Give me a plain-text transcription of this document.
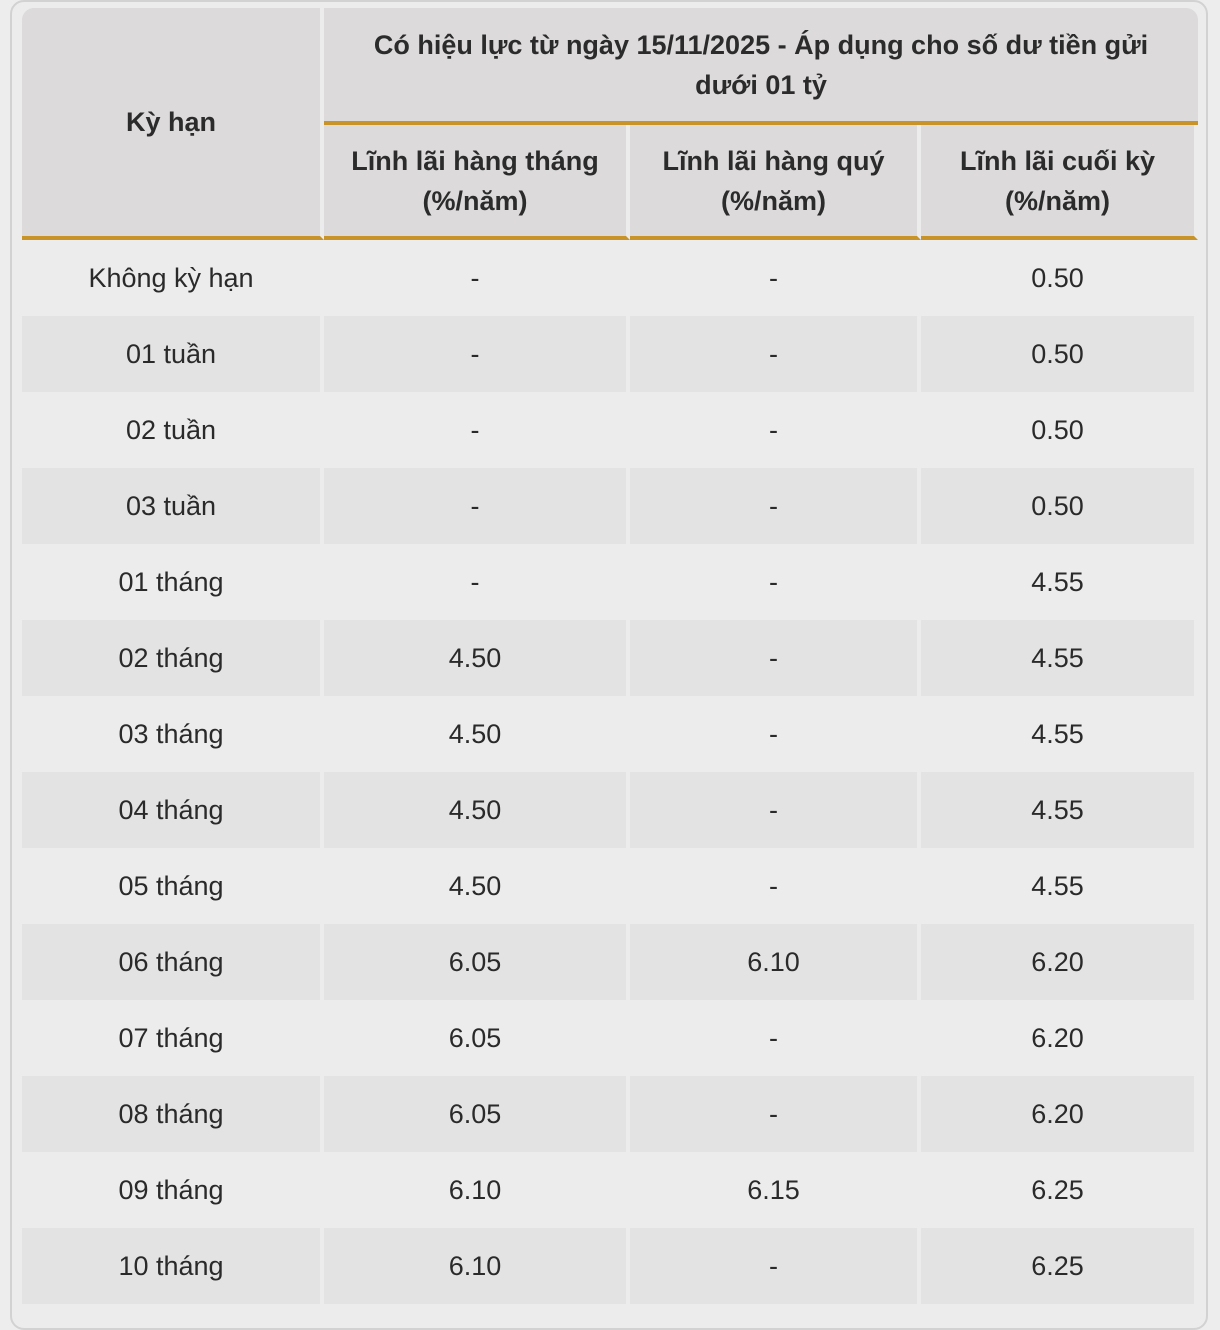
Kỳ hạn	Có hiệu lực từ ngày 15/11/2025 - Áp dụng cho số dư tiền gửi dưới 01 tỷ		
	Lĩnh lãi hàng tháng (%/năm)	Lĩnh lãi hàng quý (%/năm)	Lĩnh lãi cuối kỳ (%/năm)
Không kỳ hạn	-	-	0.50
01 tuần	-	-	0.50
02 tuần	-	-	0.50
03 tuần	-	-	0.50
01 tháng	-	-	4.55
02 tháng	4.50	-	4.55
03 tháng	4.50	-	4.55
04 tháng	4.50	-	4.55
05 tháng	4.50	-	4.55
06 tháng	6.05	6.10	6.20
07 tháng	6.05	-	6.20
08 tháng	6.05	-	6.20
09 tháng	6.10	6.15	6.25
10 tháng	6.10	-	6.25
